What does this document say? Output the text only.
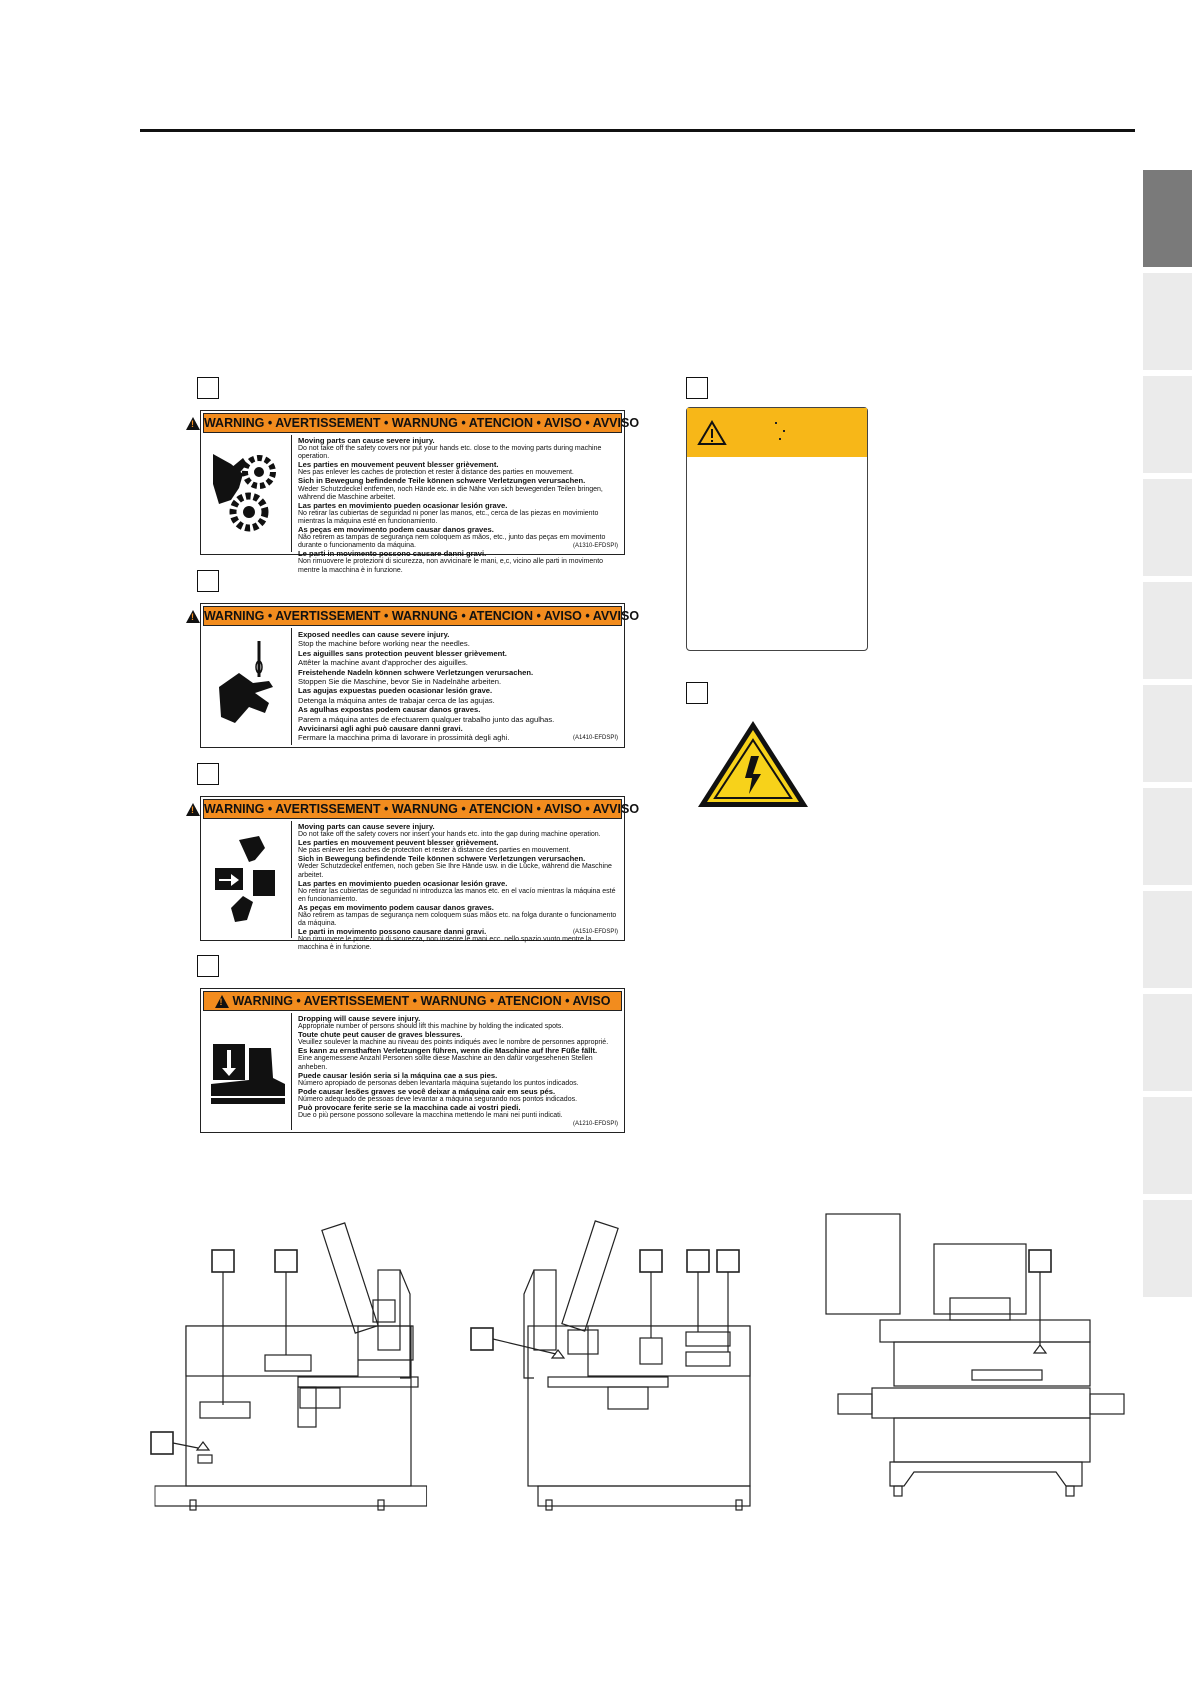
!
WARNING • AVERTISSEMENT • WARNUNG • ATENCION • AVISO • AVVISO
Moving parts can cause severe injury.
Do not take off the safety covers nor put your hands etc. close to the moving parts during machine operation.
Les parties en mouvement peuvent blesser grièvement.
Nes pas enlever les caches de protection et rester à distance des parties en mouvement.
Sich in Bewegung befindende Teile können schwere Verletzungen verursachen.
Weder Schutzdeckel entfernen, noch Hände etc. in die Nähe von sich bewegenden Teilen bringen, während die Maschine arbeitet.
Las partes en movimiento pueden ocasionar lesión grave.
No retirar las cubiertas de seguridad ni poner las manos, etc., cerca de las piezas en movimiento mientras la máquina esté en funcionamiento.
As peças em movimento podem causar danos graves.
Não retirem as tampas de segurança nem coloquem as mãos, etc., junto das peças em movimento durante o funcionamento da máquina.
Le parti in movimento possono causare danni gravi.
Non rimuovere le protezioni di sicurezza, non avvicinare le mani, e,c, vicino alle parti in movimento mentre la macchina è in funzione.
(A1310-EFDSPI)
!
WARNING • AVERTISSEMENT • WARNUNG • ATENCION • AVISO • AVVISO
Exposed needles can cause severe injury.
Stop the machine before working near the needles.
Les aiguilles sans protection peuvent blesser grièvement.
Attêter la machine avant d'approcher des aiguilles.
Freistehende Nadeln können schwere Verletzungen verursachen.
Stoppen Sie die Maschine, bevor Sie in Nadelnähe arbeiten.
Las agujas expuestas pueden ocasionar lesión grave.
Detenga la máquina antes de trabajar cerca de las agujas.
As agulhas expostas podem causar danos graves.
Parem a máquina antes de efectuarem qualquer trabalho junto das agulhas.
Avvicinarsi agli aghi può causare danni gravi.
Fermare la macchina prima di lavorare in prossimità degli aghi.	(A1410-EFDSPI)
!
WARNING • AVERTISSEMENT • WARNUNG • ATENCION • AVISO • AVVISO
Moving parts can cause severe injury.
Do not take off the safety covers nor insert your hands etc. into the gap during machine operation.
Les parties en mouvement peuvent blesser grièvement.
Ne pas enlever les caches de protection et rester à distance des parties en mouvement.
Sich in Bewegung befindende Teile können schwere Verletzungen verursachen.
Weder Schutzdeckel entfernen, noch geben Sie Ihre Hände usw. in die Lücke, während die Maschine arbeitet.
Las partes en movimiento pueden ocasionar lesión grave.
No retirar las cubiertas de seguridad ni introduzca las manos etc. en el vacío mientras la máquina esté en funcionamiento.
As peças em movimento podem causar danos graves.
Não retirem as tampas de segurança nem coloquem suas mãos etc. na folga durante o funcionamento da máquina.
Le parti in movimento possono causare danni gravi.
Non rimuovere le protezioni di sicurezza, non inserire le mani ecc. nello spazio vuoto mentre la macchina è in funzione.
(A1510-EFDSPI)
!
WARNING • AVERTISSEMENT • WARNUNG • ATENCION • AVISO
Dropping will cause severe injury.
Appropriate number of persons should lift this machine by holding the indicated spots.
Toute chute peut causer de graves blessures.
Veuillez soulever la machine au niveau des points indiqués avec le nombre de personnes approprié.
Es kann zu ernsthaften Verletzungen führen, wenn die Maschine auf Ihre Füße fällt.
Eine angemessene Anzahl Personen sollte diese Maschine an den dafür vorgesehenen Stellen anheben.
Puede causar lesión seria si la máquina cae a sus pies.
Número apropiado de personas deben levantarla máquina sujetando los puntos indicados.
Pode causar lesões graves se você deixar a máquina cair em seus pés.
Número adequado de pessoas deve levantar a máquina segurando nos pontos indicados.
Può provocare ferite serie se la macchina cade ai vostri piedi.
Due o più persone possono sollevare la macchina mettendo le mani nei punti indicati.
(A1210-EFDSPI)
